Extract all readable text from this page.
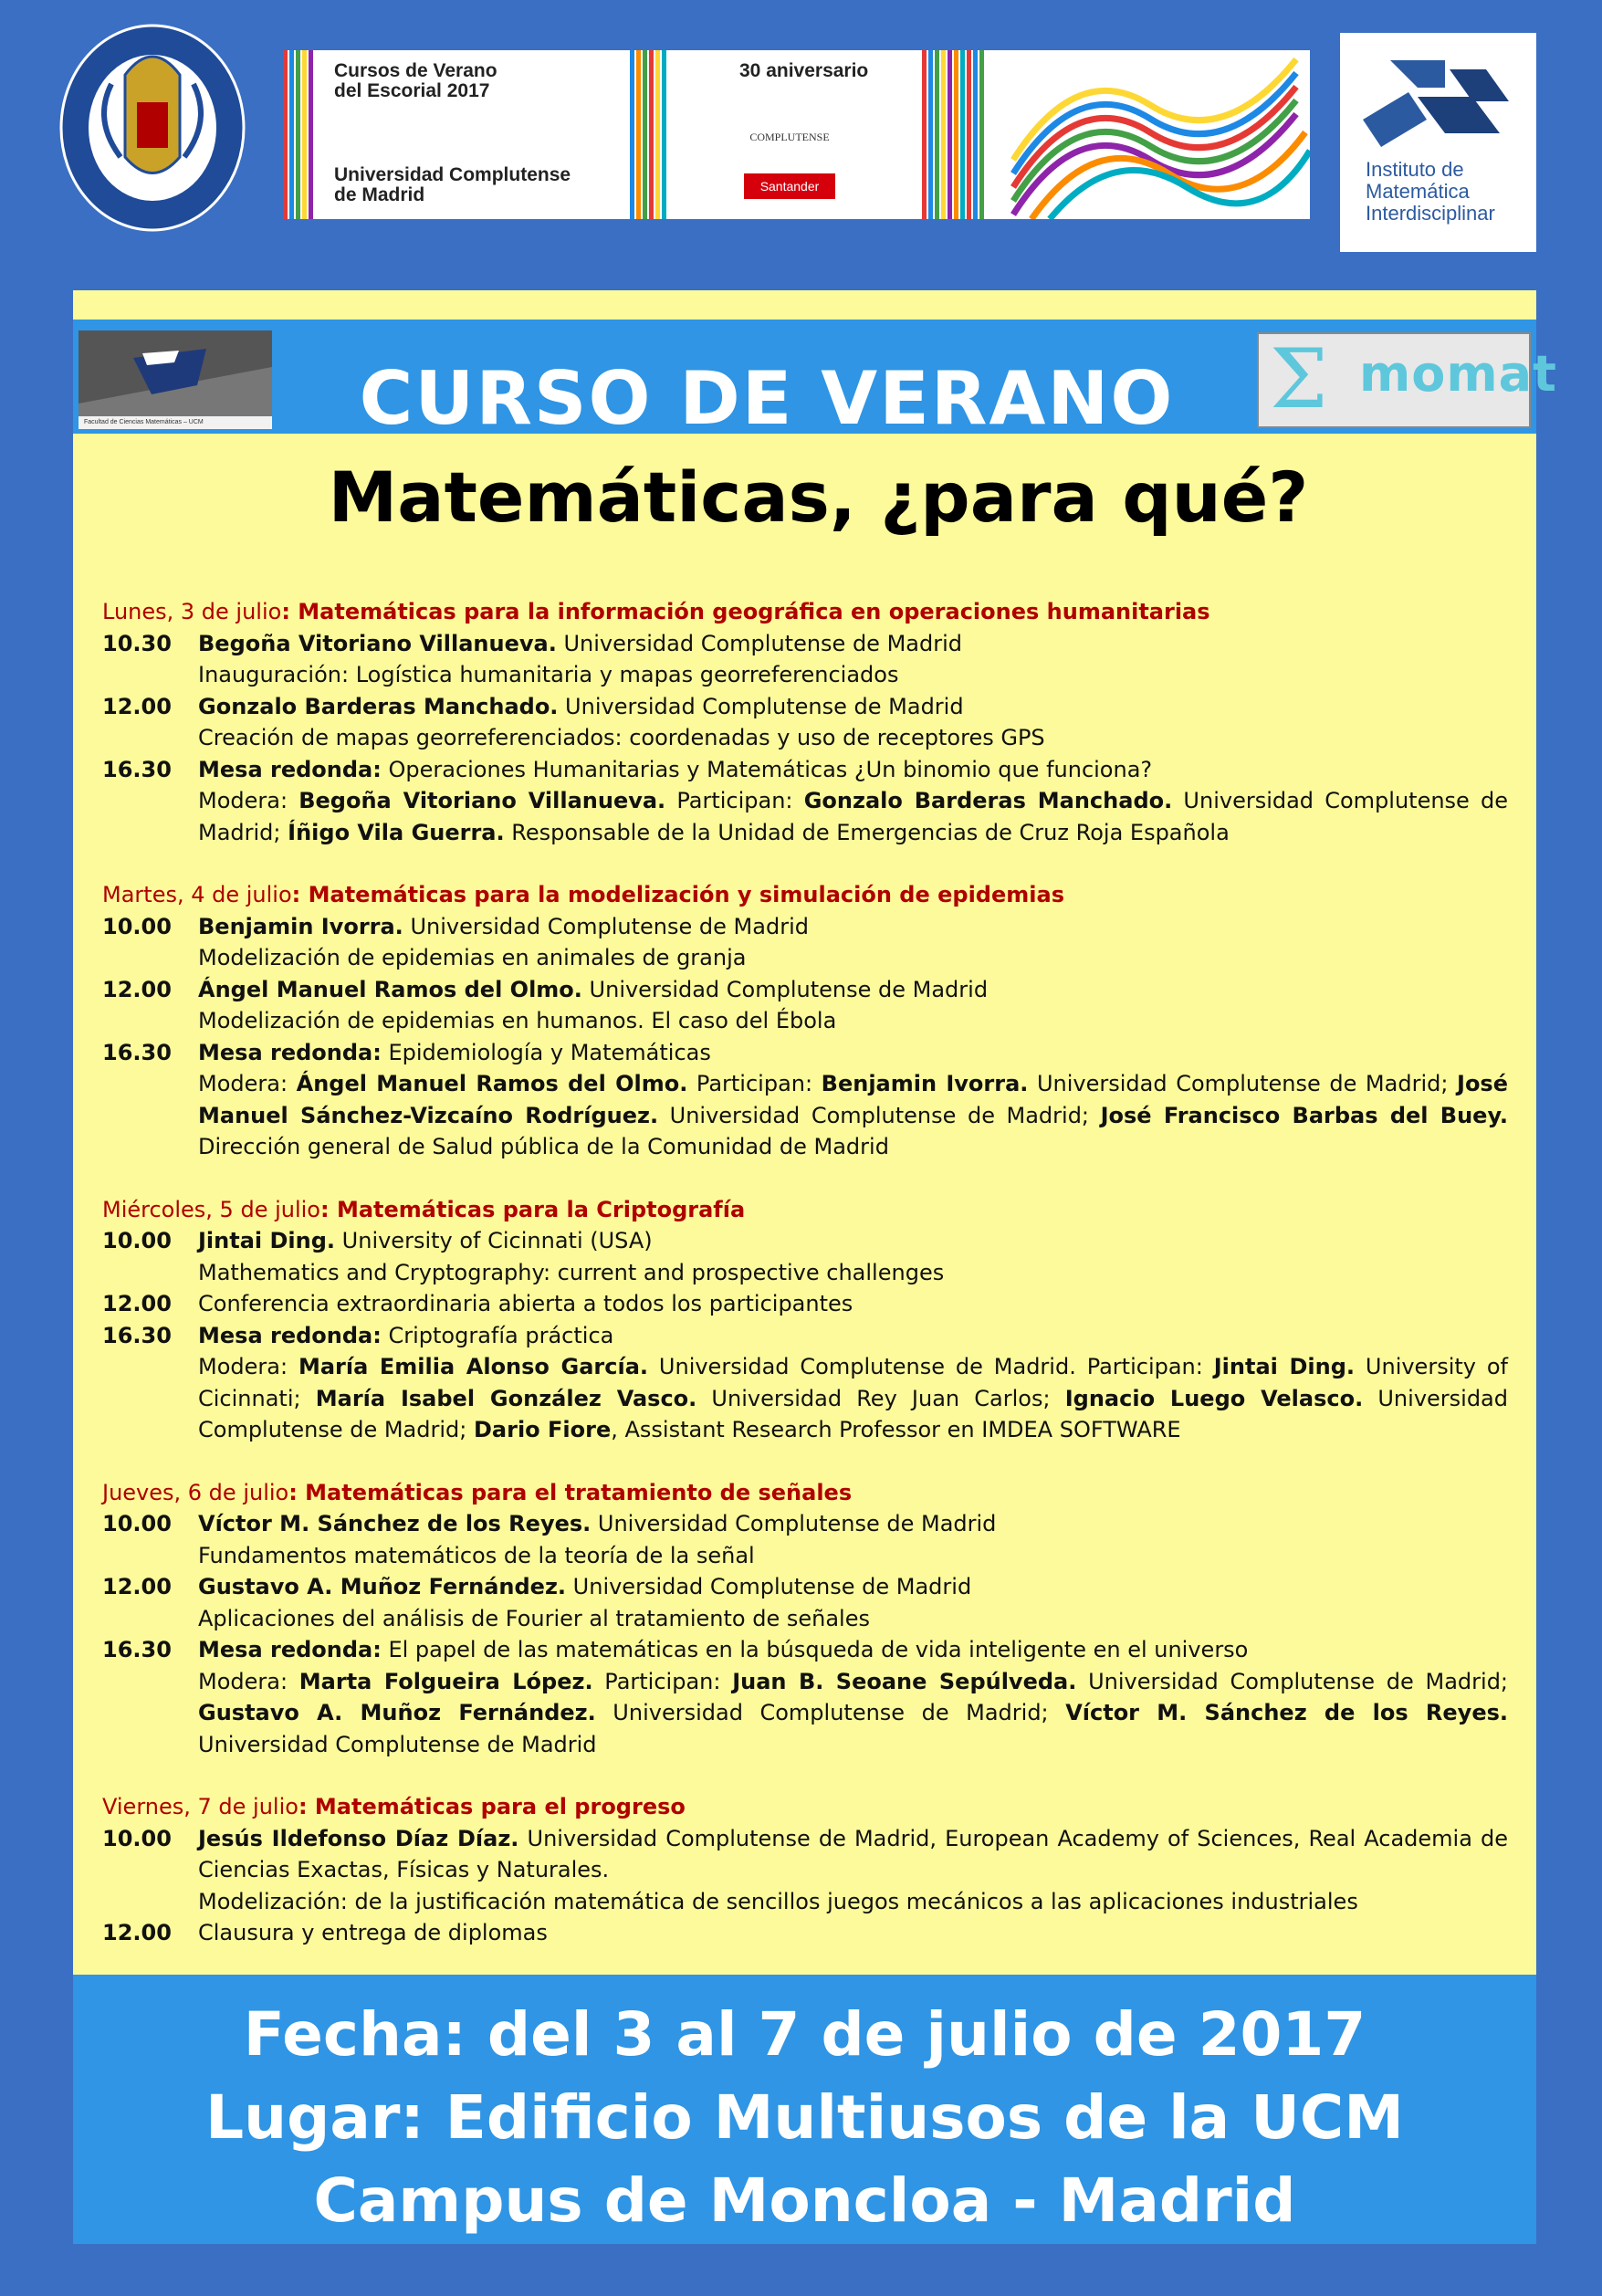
Cursos de Verano
del Escorial 2017
Universidad Complutense
de Madrid
30 aniversario
COMPLUTENSE
Santander
Instituto de
Matemática
Interdisciplinar
CURSO DE VERANO
Facultad de Ciencias Matemáticas – UCM	Σ momat
Matemáticas, ¿para qué?
Lunes, 3 de julio: Matemáticas para la información geográfica en operaciones humanitarias
10.30	Begoña Vitoriano Villanueva. Universidad Complutense de Madrid
Inauguración: Logística humanitaria y mapas georreferenciados
12.00	Gonzalo Barderas Manchado. Universidad Complutense de Madrid
Creación de mapas georreferenciados: coordenadas y uso de receptores GPS
16.30	Mesa redonda: Operaciones Humanitarias y Matemáticas ¿Un binomio que funciona?
Modera: Begoña Vitoriano Villanueva. Participan: Gonzalo Barderas Manchado. Universidad Complutense de Madrid; Íñigo Vila Guerra. Responsable de la Unidad de Emergencias de Cruz Roja Española
Martes, 4 de julio: Matemáticas para la modelización y simulación de epidemias
10.00	Benjamin Ivorra. Universidad Complutense de Madrid
Modelización de epidemias en animales de granja
12.00	Ángel Manuel Ramos del Olmo. Universidad Complutense de Madrid
Modelización de epidemias en humanos. El caso del Ébola
16.30	Mesa redonda: Epidemiología y Matemáticas
Modera: Ángel Manuel Ramos del Olmo. Participan: Benjamin Ivorra. Universidad Complutense de Madrid; José Manuel Sánchez-Vizcaíno Rodríguez. Universidad Complutense de Madrid; José Francisco Barbas del Buey. Dirección general de Salud pública de la Comunidad de Madrid
Miércoles, 5 de julio: Matemáticas para la Criptografía
10.00	Jintai Ding. University of Cicinnati (USA)
Mathematics and Cryptography: current and prospective challenges
12.00	Conferencia extraordinaria abierta a todos los participantes
16.30	Mesa redonda: Criptografía práctica
Modera: María Emilia Alonso García. Universidad Complutense de Madrid. Participan: Jintai Ding. University of Cicinnati; María Isabel González Vasco. Universidad Rey Juan Carlos; Ignacio Luego Velasco. Universidad Complutense de Madrid; Dario Fiore, Assistant Research Professor en IMDEA SOFTWARE
Jueves, 6 de julio: Matemáticas para el tratamiento de señales
10.00	Víctor M. Sánchez de los Reyes. Universidad Complutense de Madrid
Fundamentos matemáticos de la teoría de la señal
12.00	Gustavo A. Muñoz Fernández. Universidad Complutense de Madrid
Aplicaciones del análisis de Fourier al tratamiento de señales
16.30	Mesa redonda: El papel de las matemáticas en la búsqueda de vida inteligente en el universo
Modera: Marta Folgueira López. Participan: Juan B. Seoane Sepúlveda. Universidad Complutense de Madrid; Gustavo A. Muñoz Fernández. Universidad Complutense de Madrid; Víctor M. Sánchez de los Reyes. Universidad Complutense de Madrid
Viernes, 7 de julio: Matemáticas para el progreso
10.00	Jesús Ildefonso Díaz Díaz. Universidad Complutense de Madrid, European Academy of Sciences, Real Academia de Ciencias Exactas, Físicas y Naturales.
Modelización: de la justificación matemática de sencillos juegos mecánicos a las aplicaciones industriales
12.00	Clausura y entrega de diplomas
Fecha: del 3 al 7 de julio de 2017
Lugar: Edificio Multiusos de la UCM
Campus de Moncloa - Madrid
